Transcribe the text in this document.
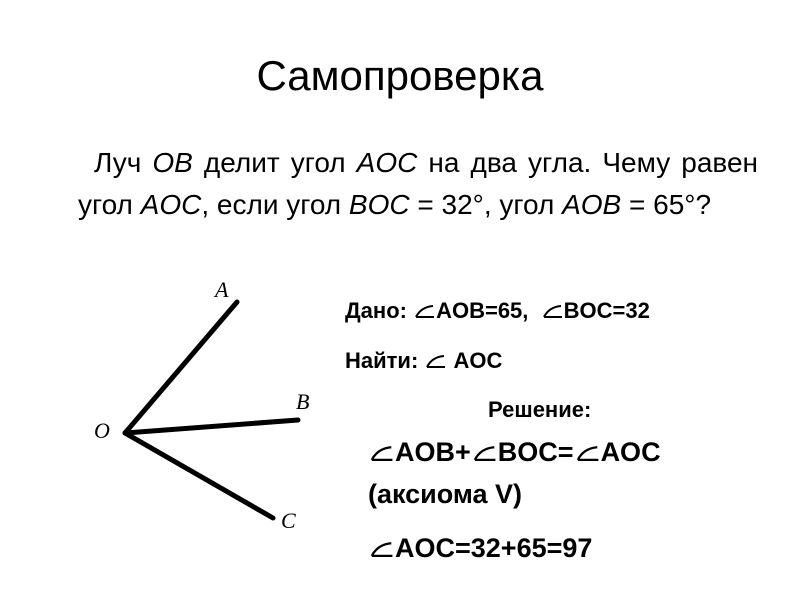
Самопроверка
Луч OB делит угол AOC на два угла. Чему равен угол AOC, если угол BOC = 32°, угол AOB = 65°?
A
B
C
O
Дано:
AOB=65, BOC=32
Найти:
AOC
Решение:
AOB+ BOC= AOC
(аксиома V)
AOC=32+65=97
